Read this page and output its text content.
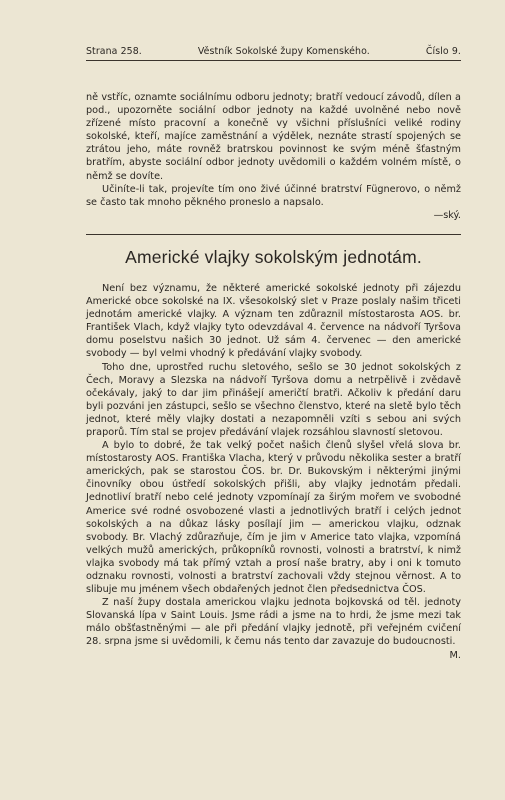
Strana 258.	Věstník Sokolské župy Komenského.	Číslo 9.

ně vstříc, oznamte sociálnímu odboru jednoty; bratří vedoucí závodů, dílen a pod., upozorněte sociální odbor jednoty na každé uvolněné nebo nově zřízené místo pracovní a konečně vy všichni příslušníci veliké rodiny sokolské, kteří, majíce zaměstnání a výdělek, neznáte strastí spojených se ztrátou jeho, máte rovněž bratrskou povinnost ke svým méně šťastným bratřím, abyste sociální odbor jednoty uvědomili o každém volném místě, o němž se dovíte.

Učiníte-li tak, projevíte tím ono živé účinné bratrství Fügnerovo, o němž se často tak mnoho pěkného proneslo a napsalo.

—ský.

Americké vlajky sokolským jednotám.

Není bez významu, že některé americké sokolské jednoty při zájezdu Americké obce sokolské na IX. všesokolský slet v Praze poslaly našim třiceti jednotám americké vlajky. A význam ten zdůraznil místostarosta AOS. br. František Vlach, když vlajky tyto odevzdával 4. července na nádvoří Tyršova domu poselstvu našich 30 jednot. Už sám 4. červenec — den americké svobody — byl velmi vhodný k předávání vlajky svobody.

Toho dne, uprostřed ruchu sletového, sešlo se 30 jednot sokolských z Čech, Moravy a Slezska na nádvoří Tyršova domu a netrpělivě i zvědavě očekávaly, jaký to dar jim přinášejí američtí bratři. Ačkoliv k předání daru byli pozváni jen zástupci, sešlo se všechno členstvo, které na sletě bylo těch jednot, které měly vlajky dostati a nezapomněli vzíti s sebou ani svých praporů. Tím stal se projev předávání vlajek rozsáhlou slavností sletovou.

A bylo to dobré, že tak velký počet našich členů slyšel vřelá slova br. místostarosty AOS. Františka Vlacha, který v průvodu několika sester a bratří amerických, pak se starostou ČOS. br. Dr. Bukovským i některými jinými činovníky obou ústředí sokolských přišli, aby vlajky jednotám předali. Jednotliví bratří nebo celé jednoty vzpomínají za širým mořem ve svobodné Americe své rodné osvobozené vlasti a jednotlivých bratří i celých jednot sokolských a na důkaz lásky posílají jim — americkou vlajku, odznak svobody. Br. Vlachý zdůrazňuje, čím je jim v Americe tato vlajka, vzpomíná velkých mužů amerických, průkopníků rovnosti, volnosti a bratrství, k nimž vlajka svobody má tak přímý vztah a prosí naše bratry, aby i oni k tomuto odznaku rovnosti, volnosti a bratrství zachovali vždy stejnou věrnost. A to slibuje mu jménem všech obdařených jednot člen předsednictva ČOS.

Z naší župy dostala americkou vlajku jednota bojkovská od těl. jednoty Slovanská lípa v Saint Louis. Jsme rádi a jsme na to hrdi, že jsme mezi tak málo obšťastněnými — ale při předání vlajky jednotě, při veřejném cvičení 28. srpna jsme si uvědomili, k čemu nás tento dar zavazuje do budoucnosti.

M.
